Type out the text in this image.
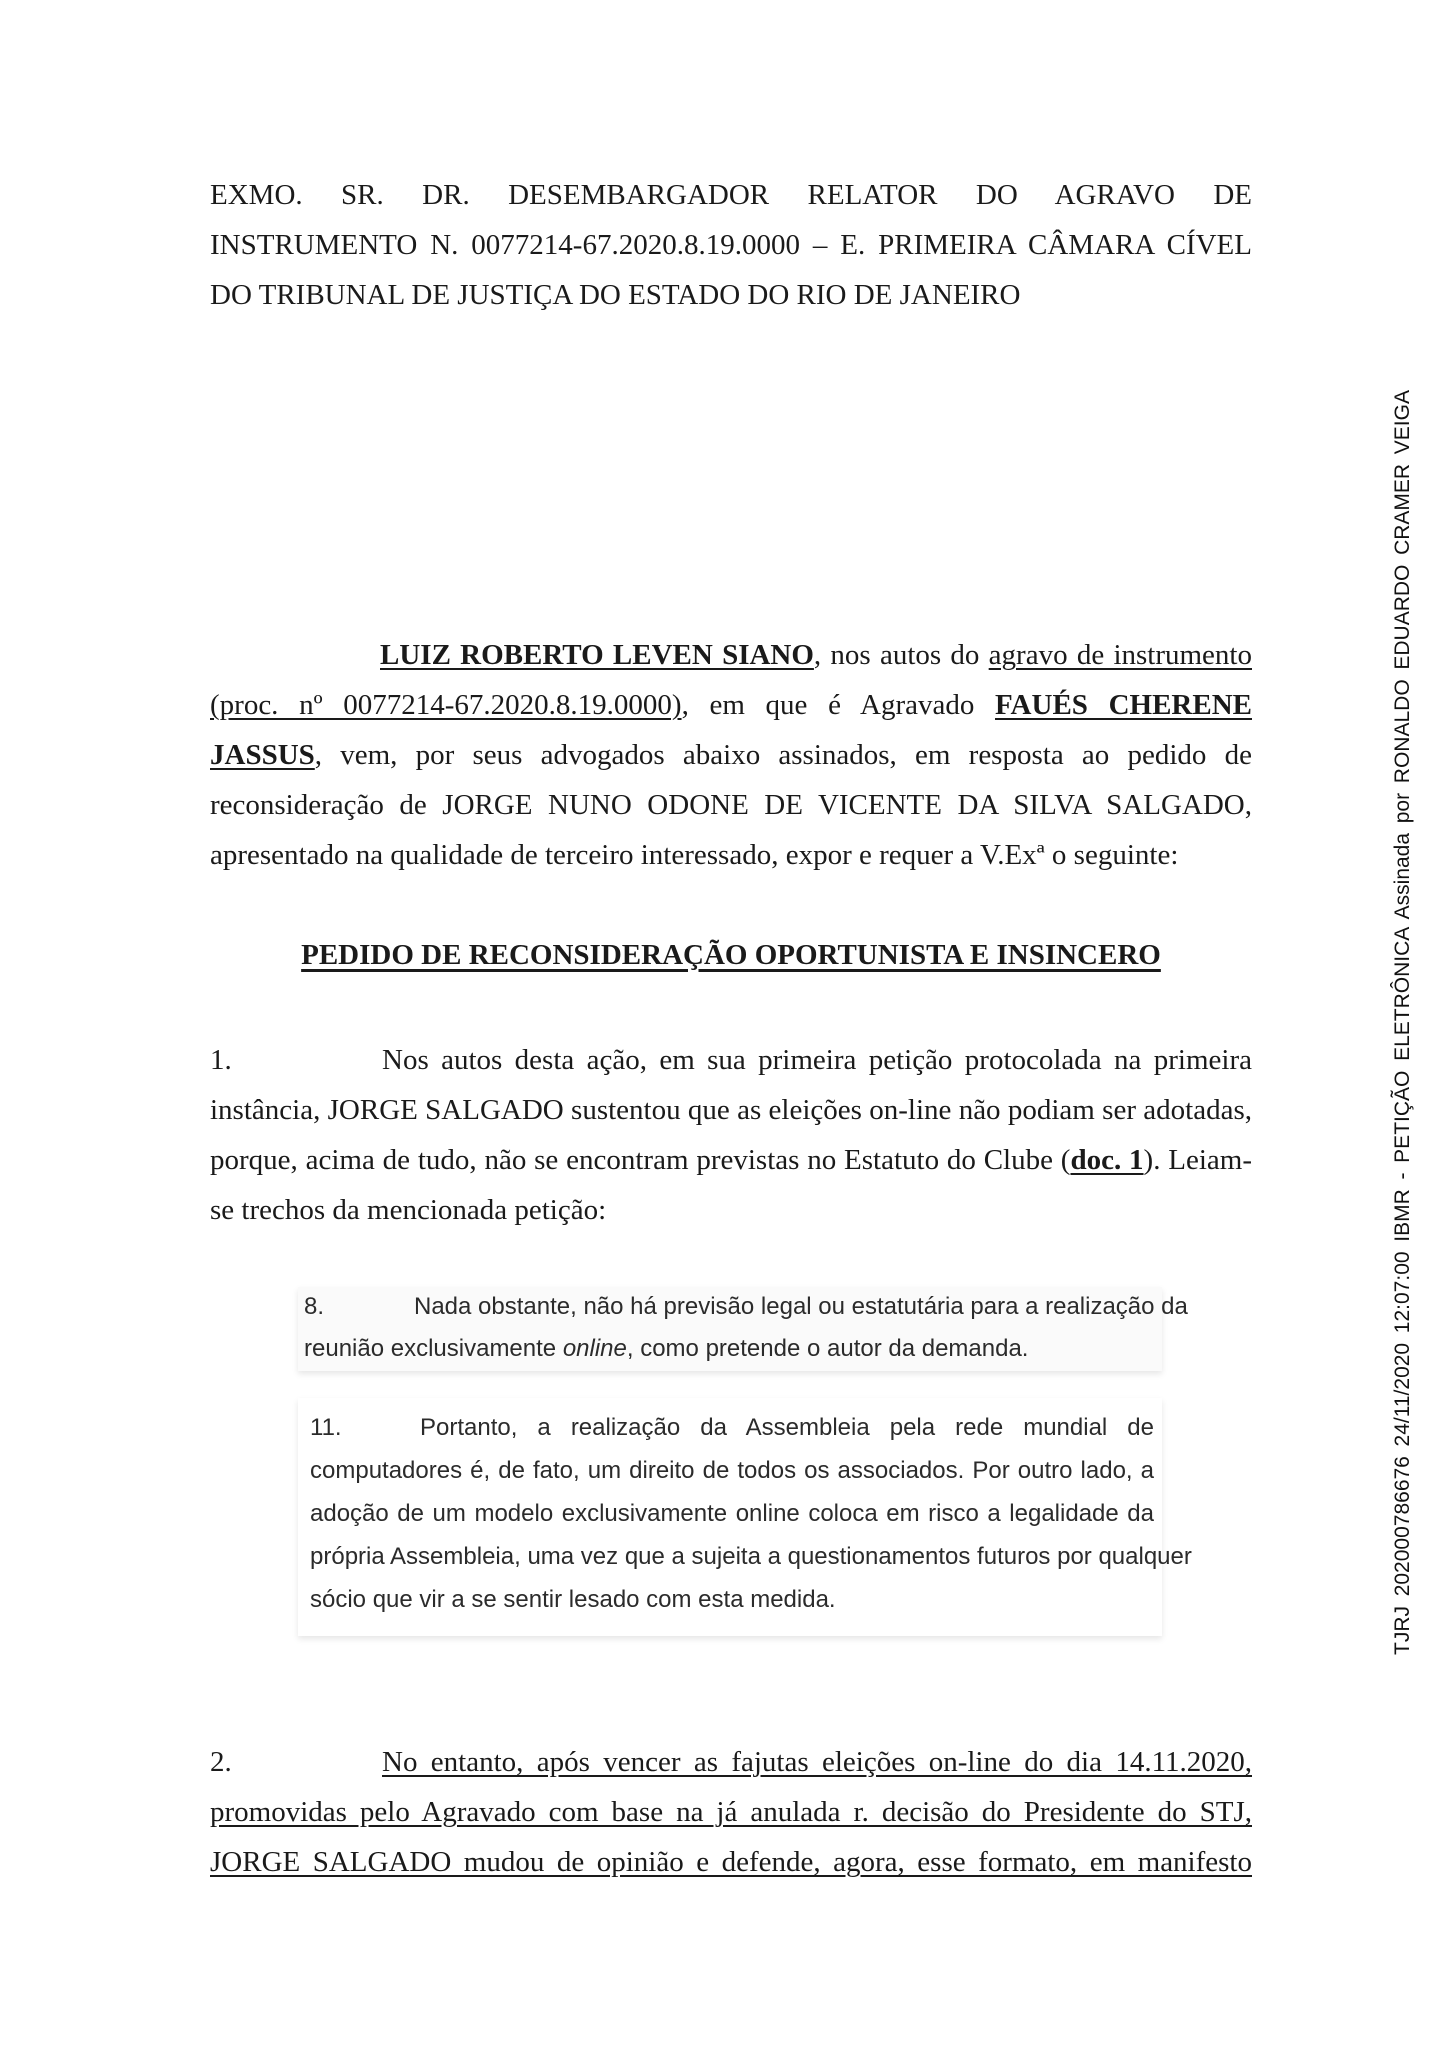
EXMO. SR. DR. DESEMBARGADOR RELATOR DO AGRAVO DE
INSTRUMENTO N. 0077214-67.2020.8.19.0000 – E. PRIMEIRA CÂMARA CÍVEL
DO TRIBUNAL DE JUSTIÇA DO ESTADO DO RIO DE JANEIRO
LUIZ ROBERTO LEVEN SIANO, nos autos do agravo de instrumento
(proc. nº 0077214-67.2020.8.19.0000), em que é Agravado FAUÉS CHERENE
JASSUS, vem, por seus advogados abaixo assinados, em resposta ao pedido de
reconsideração de JORGE NUNO ODONE DE VICENTE DA SILVA SALGADO,
apresentado na qualidade de terceiro interessado, expor e requer a V.Exª o seguinte:
PEDIDO DE RECONSIDERAÇÃO OPORTUNISTA E INSINCERO
1.	Nos autos desta ação, em sua primeira petição protocolada na primeira
instância, JORGE SALGADO sustentou que as eleições on-line não podiam ser adotadas,
porque, acima de tudo, não se encontram previstas no Estatuto do Clube (doc. 1). Leiam-
se trechos da mencionada petição:
8.	Nada obstante, não há previsão legal ou estatutária para a realização da
reunião exclusivamente online, como pretende o autor da demanda.
11.	Portanto, a realização da Assembleia pela rede mundial de
computadores é, de fato, um direito de todos os associados. Por outro lado, a
adoção de um modelo exclusivamente online coloca em risco a legalidade da
própria Assembleia, uma vez que a sujeita a questionamentos futuros por qualquer
sócio que vir a se sentir lesado com esta medida.
2.	No entanto, após vencer as fajutas eleições on-line do dia 14.11.2020,
promovidas pelo Agravado com base na já anulada r. decisão do Presidente do STJ,
JORGE SALGADO mudou de opinião e defende, agora, esse formato, em manifesto
TJRJ 202000786676 24/11/2020 12:07:00 IBMR - PETIÇÃO ELETRÔNICA Assinada por RONALDO EDUARDO CRAMER VEIGA
